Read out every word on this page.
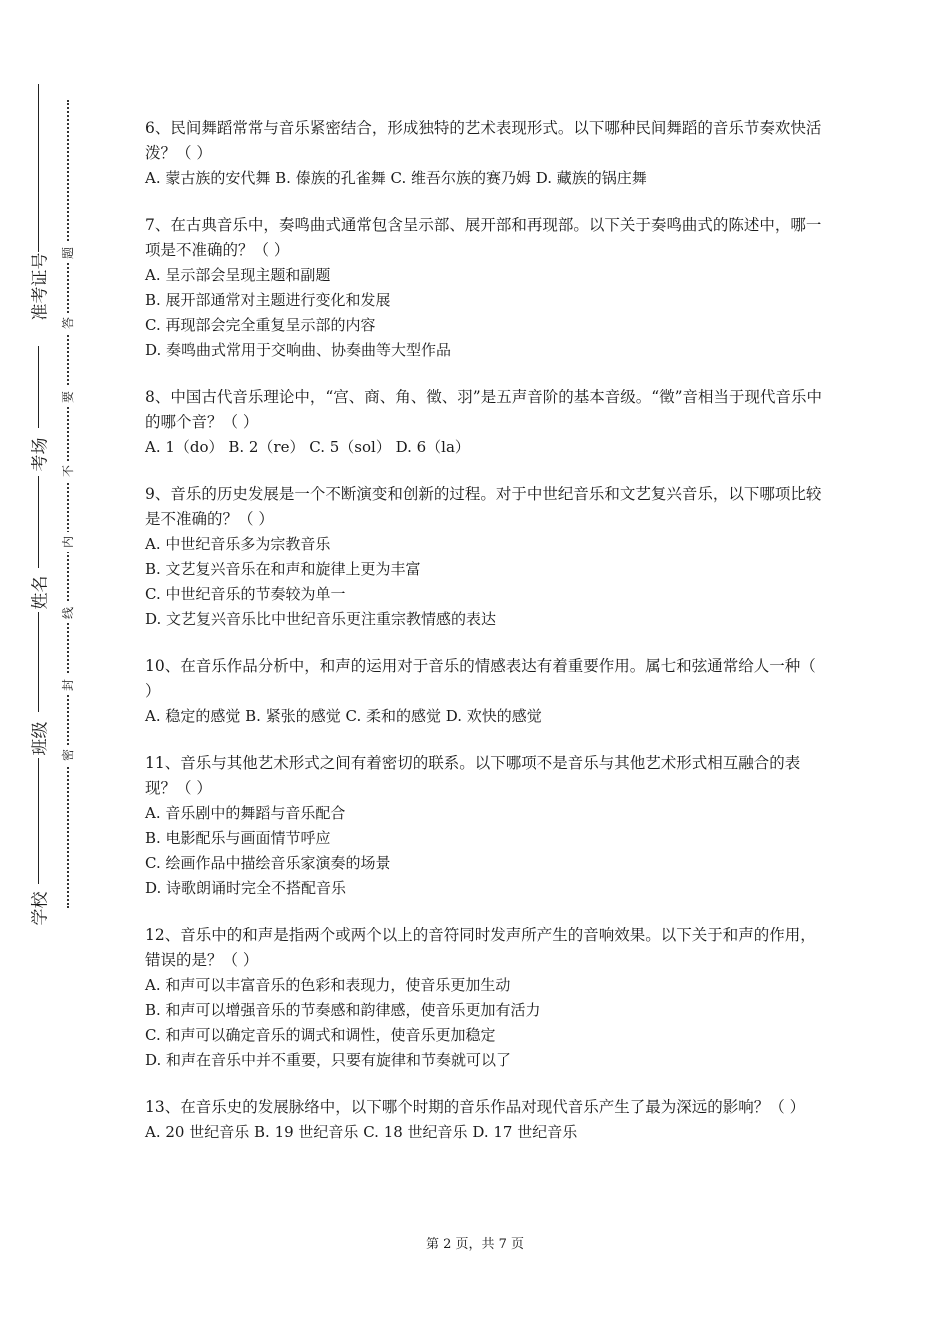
准考证号
考场
姓名
班级
学校
题
答
要
不
内
线
封
密

6、民间舞蹈常常与音乐紧密结合，形成独特的艺术表现形式。以下哪种民间舞蹈的音乐节奏欢快活泼？（ ）

A. 蒙古族的安代舞 B. 傣族的孔雀舞 C. 维吾尔族的赛乃姆 D. 藏族的锅庄舞

7、在古典音乐中，奏鸣曲式通常包含呈示部、展开部和再现部。以下关于奏鸣曲式的陈述中，哪一项是不准确的？（ ）

A. 呈示部会呈现主题和副题
B. 展开部通常对主题进行变化和发展
C. 再现部会完全重复呈示部的内容
D. 奏鸣曲式常用于交响曲、协奏曲等大型作品

8、中国古代音乐理论中，“宫、商、角、徵、羽”是五声音阶的基本音级。“徵”音相当于现代音乐中的哪个音？（ ）

A. 1（do） B. 2（re） C. 5（sol） D. 6（la）

9、音乐的历史发展是一个不断演变和创新的过程。对于中世纪音乐和文艺复兴音乐，以下哪项比较是不准确的？（ ）

A. 中世纪音乐多为宗教音乐
B. 文艺复兴音乐在和声和旋律上更为丰富
C. 中世纪音乐的节奏较为单一
D. 文艺复兴音乐比中世纪音乐更注重宗教情感的表达

10、在音乐作品分析中，和声的运用对于音乐的情感表达有着重要作用。属七和弦通常给人一种（ ）

A. 稳定的感觉 B. 紧张的感觉 C. 柔和的感觉 D. 欢快的感觉

11、音乐与其他艺术形式之间有着密切的联系。以下哪项不是音乐与其他艺术形式相互融合的表现？（ ）

A. 音乐剧中的舞蹈与音乐配合
B. 电影配乐与画面情节呼应
C. 绘画作品中描绘音乐家演奏的场景
D. 诗歌朗诵时完全不搭配音乐

12、音乐中的和声是指两个或两个以上的音符同时发声所产生的音响效果。以下关于和声的作用，错误的是？（ ）

A. 和声可以丰富音乐的色彩和表现力，使音乐更加生动
B. 和声可以增强音乐的节奏感和韵律感，使音乐更加有活力
C. 和声可以确定音乐的调式和调性，使音乐更加稳定
D. 和声在音乐中并不重要，只要有旋律和节奏就可以了

13、在音乐史的发展脉络中，以下哪个时期的音乐作品对现代音乐产生了最为深远的影响？（ ）

A. 20 世纪音乐 B. 19 世纪音乐 C. 18 世纪音乐 D. 17 世纪音乐
第 2 页，共 7 页
